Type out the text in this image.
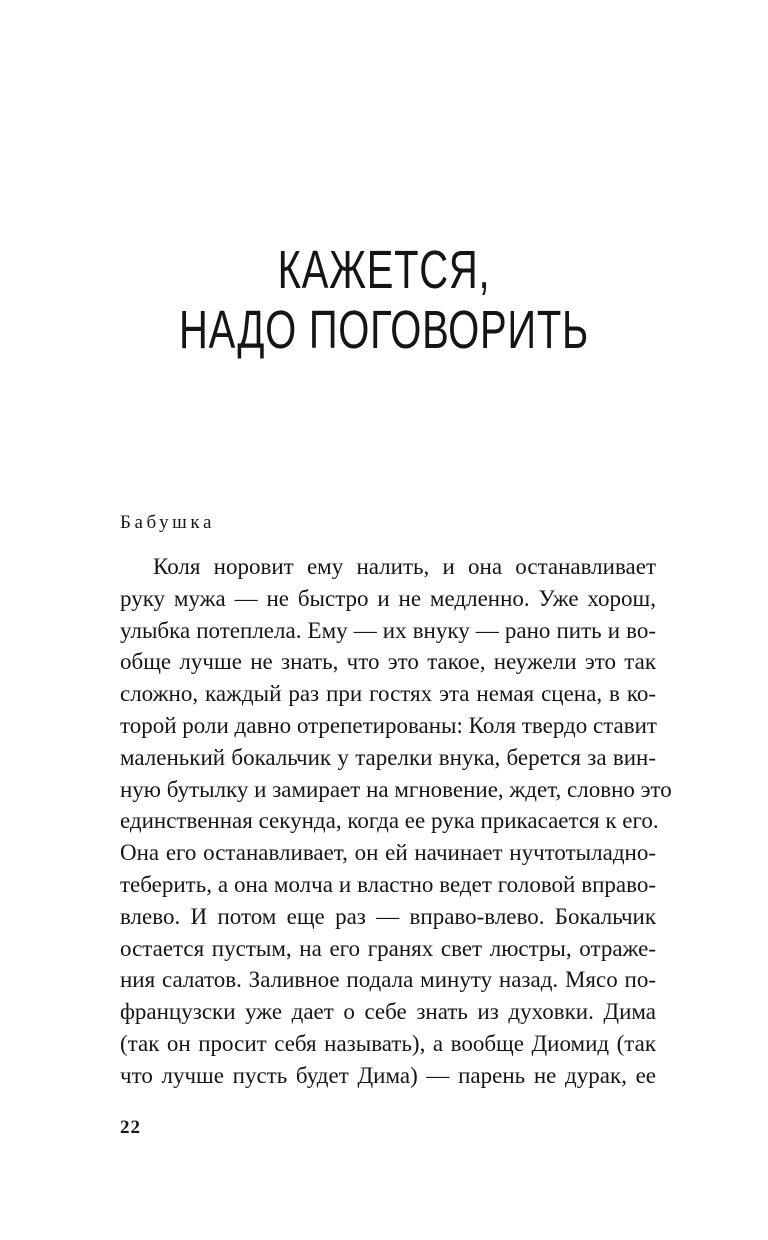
КАЖЕТСЯ,
НАДО ПОГОВОРИТЬ
Бабушка
Коля норовит ему налить, и она останавливает
руку мужа — не быстро и не медленно. Уже хорош,
улыбка потеплела. Ему — их внуку — рано пить и во-
обще лучше не знать, что это такое, неужели это так
сложно, каждый раз при гостях эта немая сцена, в ко-
торой роли давно отрепетированы: Коля твердо ставит
маленький бокальчик у тарелки внука, берется за вин-
ную бутылку и замирает на мгновение, ждет, словно это
единственная секунда, когда ее рука прикасается к его.
Она его останавливает, он ей начинает нучтотыладно-
теберить, а она молча и властно ведет головой вправо-
влево. И потом еще раз — вправо-влево. Бокальчик
остается пустым, на его гранях свет люстры, отраже-
ния салатов. Заливное подала минуту назад. Мясо по-
французски уже дает о себе знать из духовки. Дима
(так он просит себя называть), а вообще Диомид (так
что лучше пусть будет Дима) — парень не дурак, ее
22
